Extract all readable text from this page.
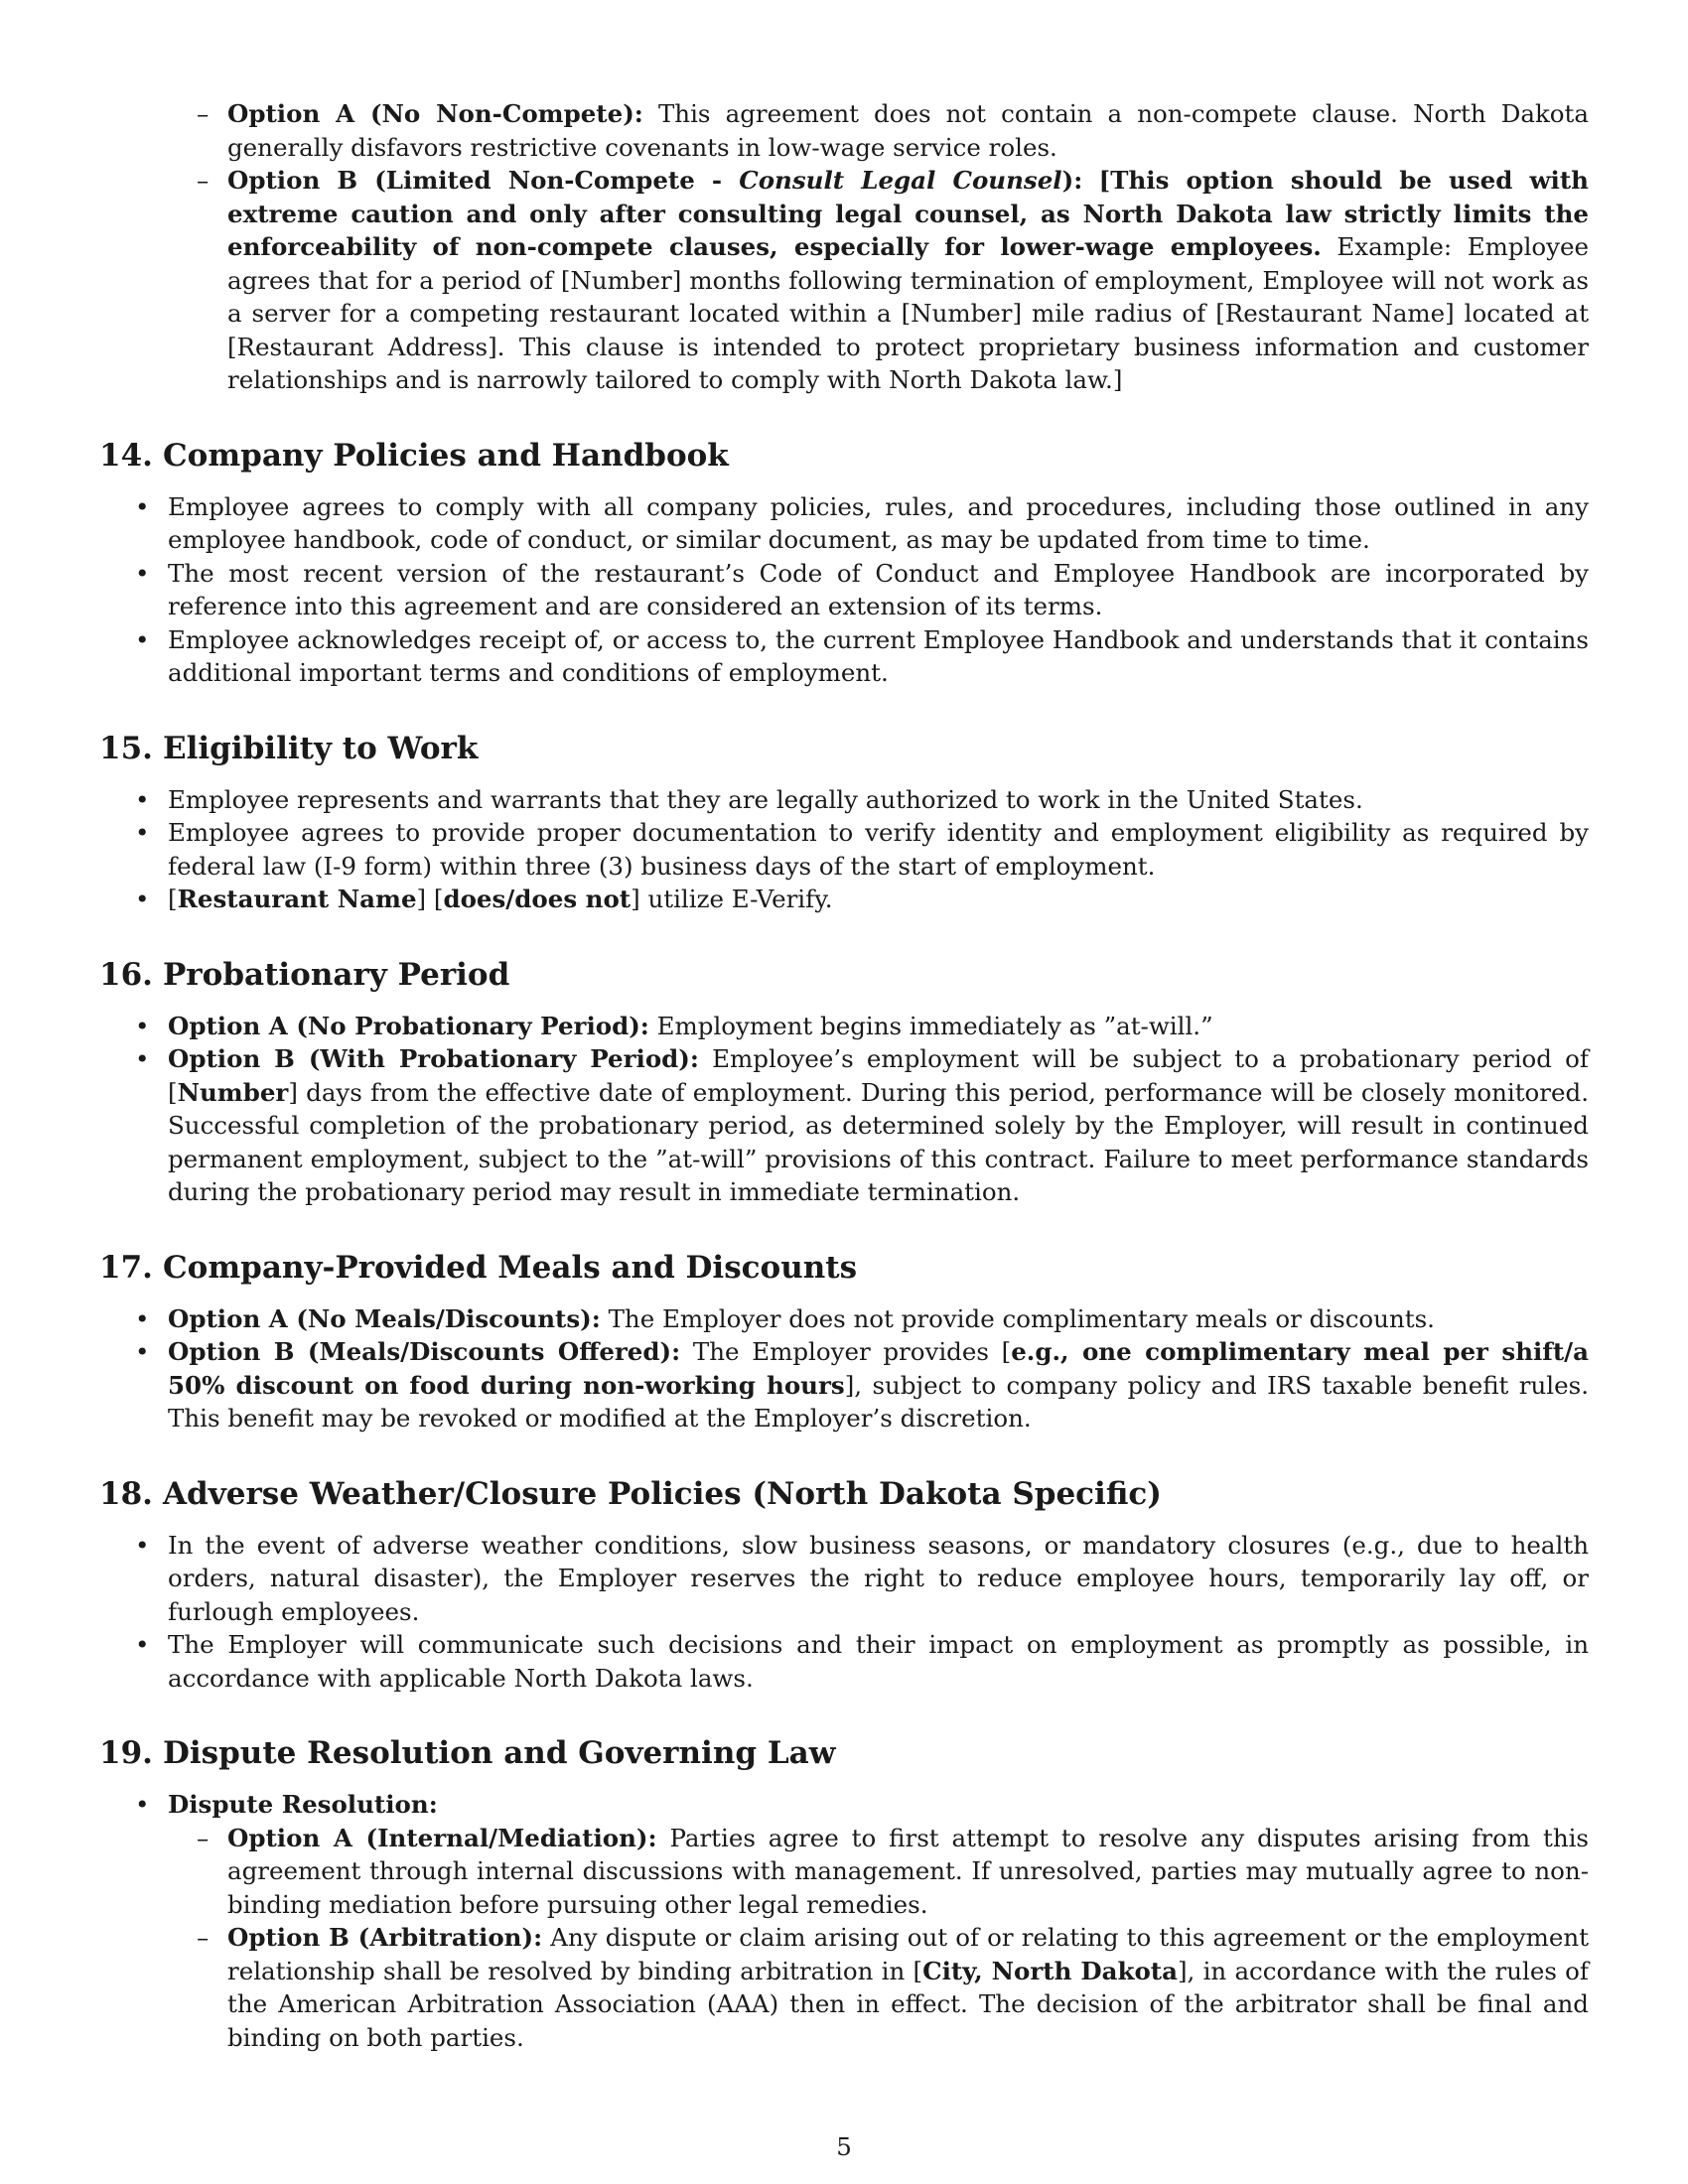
– Option A (No Non-Compete): This agreement does not contain a non-compete clause. North Dakota generally disfavors restrictive covenants in low-wage service roles.
– Option B (Limited Non-Compete - Consult Legal Counsel): [This option should be used with extreme caution and only after consulting legal counsel, as North Dakota law strictly limits the enforceability of non-compete clauses, especially for lower-wage employees. Example: Employee agrees that for a period of [Number] months following termination of employment, Employee will not work as a server for a competing restaurant located within a [Number] mile radius of [Restaurant Name] located at [Restaurant Address]. This clause is intended to protect proprietary business information and customer relationships and is narrowly tailored to comply with North Dakota law.]
14. Company Policies and Handbook
• Employee agrees to comply with all company policies, rules, and procedures, including those outlined in any employee handbook, code of conduct, or similar document, as may be updated from time to time.
• The most recent version of the restaurant’s Code of Conduct and Employee Handbook are incorporated by reference into this agreement and are considered an extension of its terms.
• Employee acknowledges receipt of, or access to, the current Employee Handbook and understands that it contains additional important terms and conditions of employment.
15. Eligibility to Work
• Employee represents and warrants that they are legally authorized to work in the United States.
• Employee agrees to provide proper documentation to verify identity and employment eligibility as required by federal law (I-9 form) within three (3) business days of the start of employment.
• [Restaurant Name] [does/does not] utilize E-Verify.
16. Probationary Period
• Option A (No Probationary Period): Employment begins immediately as ”at-will.”
• Option B (With Probationary Period): Employee’s employment will be subject to a probationary period of [Number] days from the effective date of employment. During this period, performance will be closely monitored. Successful completion of the probationary period, as determined solely by the Employer, will result in continued permanent employment, subject to the ”at-will” provisions of this contract. Failure to meet performance standards during the probationary period may result in immediate termination.
17. Company-Provided Meals and Discounts
• Option A (No Meals/Discounts): The Employer does not provide complimentary meals or discounts.
• Option B (Meals/Discounts Offered): The Employer provides [e.g., one complimentary meal per shift/a 50% discount on food during non-working hours], subject to company policy and IRS taxable benefit rules. This benefit may be revoked or modified at the Employer’s discretion.
18. Adverse Weather/Closure Policies (North Dakota Specific)
• In the event of adverse weather conditions, slow business seasons, or mandatory closures (e.g., due to health orders, natural disaster), the Employer reserves the right to reduce employee hours, temporarily lay off, or furlough employees.
• The Employer will communicate such decisions and their impact on employment as promptly as possible, in accordance with applicable North Dakota laws.
19. Dispute Resolution and Governing Law
• Dispute Resolution:
– Option A (Internal/Mediation): Parties agree to first attempt to resolve any disputes arising from this agreement through internal discussions with management. If unresolved, parties may mutually agree to non-binding mediation before pursuing other legal remedies.
– Option B (Arbitration): Any dispute or claim arising out of or relating to this agreement or the employment relationship shall be resolved by binding arbitration in [City, North Dakota], in accordance with the rules of the American Arbitration Association (AAA) then in effect. The decision of the arbitrator shall be final and binding on both parties.
5
